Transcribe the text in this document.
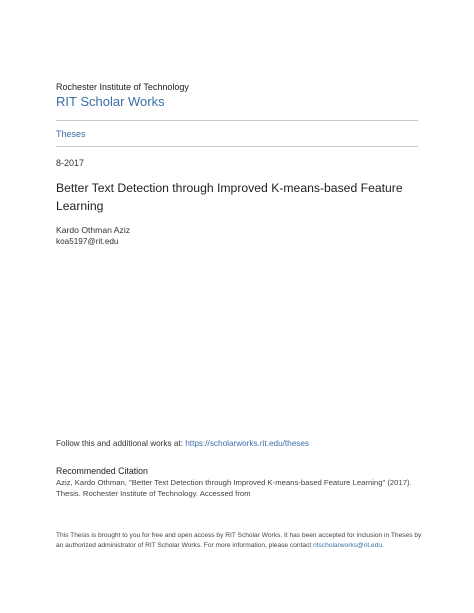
Rochester Institute of Technology
RIT Scholar Works
Theses
8-2017
Better Text Detection through Improved K-means-based Feature Learning
Kardo Othman Aziz
koa5197@rit.edu
Follow this and additional works at: https://scholarworks.rit.edu/theses
Recommended Citation
Aziz, Kardo Othman, "Better Text Detection through Improved K-means-based Feature Learning" (2017). Thesis. Rochester Institute of Technology. Accessed from
This Thesis is brought to you for free and open access by RIT Scholar Works. It has been accepted for inclusion in Theses by an authorized administrator of RIT Scholar Works. For more information, please contact ritscholarworks@rit.edu.
